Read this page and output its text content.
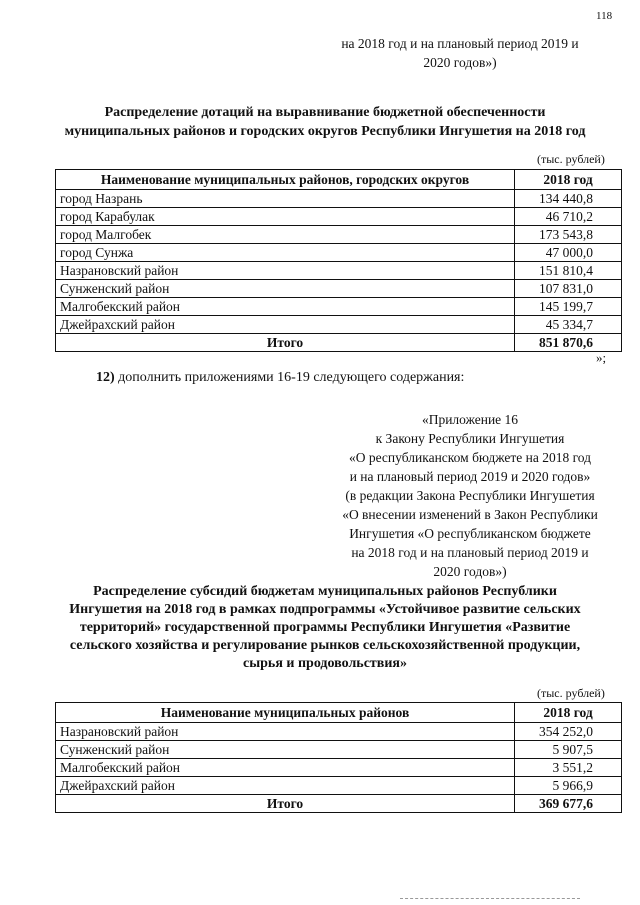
118
на 2018 год и на плановый период 2019 и
2020 годов»)
Распределение дотаций на выравнивание бюджетной обеспеченности
муниципальных районов и городских округов Республики Ингушетия на 2018 год
(тыс. рублей)
Наименование муниципальных районов, городских округов	2018 год
город Назрань	134 440,8
город Карабулак	46 710,2
город Малгобек	173 543,8
город Сунжа	47 000,0
Назрановский район	151 810,4
Сунженский район	107 831,0
Малгобекский район	145 199,7
Джейрахский район	45 334,7
Итого	851 870,6
»;
12) дополнить приложениями 16-19 следующего содержания:
«Приложение 16
к Закону Республики Ингушетия
«О республиканском бюджете на 2018 год
и на плановый период 2019 и 2020 годов»
(в редакции Закона Республики Ингушетия
«О внесении изменений в Закон Республики
Ингушетия «О республиканском бюджете
на 2018 год и на плановый период 2019 и
2020 годов»)
Распределение субсидий бюджетам муниципальных районов Республики
Ингушетия на 2018 год в рамках подпрограммы «Устойчивое развитие сельских
территорий» государственной программы Республики Ингушетия «Развитие
сельского хозяйства и регулирование рынков сельскохозяйственной продукции,
сырья и продовольствия»
(тыс. рублей)
Наименование муниципальных районов	2018 год
Назрановский район	354 252,0
Сунженский район	5 907,5
Малгобекский район	3 551,2
Джейрахский район	5 966,9
Итого	369 677,6
